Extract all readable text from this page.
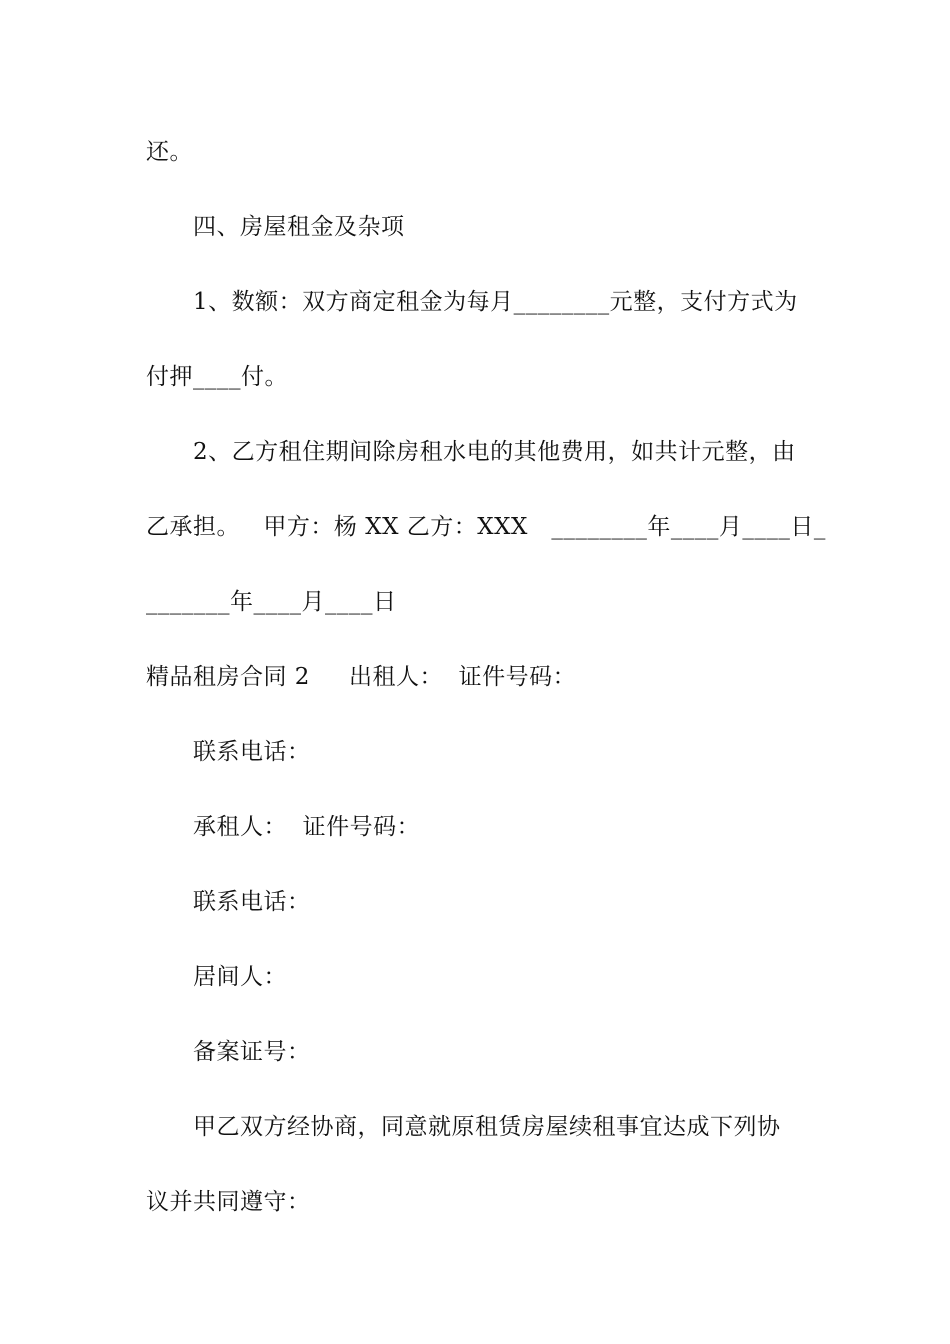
还。
四、房屋租金及杂项
1、数额：双方商定租金为每月________元整，支付方式为
付押____付。
2、乙方租住期间除房租水电的其他费用，如共计元整，由
乙承担。   甲方：杨 XX 乙方：XXX   ________年____月____日_
_______年____月____日
精品租房合同 2     出租人：  证件号码：
联系电话：
承租人：  证件号码：
联系电话：
居间人：
备案证号：
甲乙双方经协商，同意就原租赁房屋续租事宜达成下列协
议并共同遵守：
